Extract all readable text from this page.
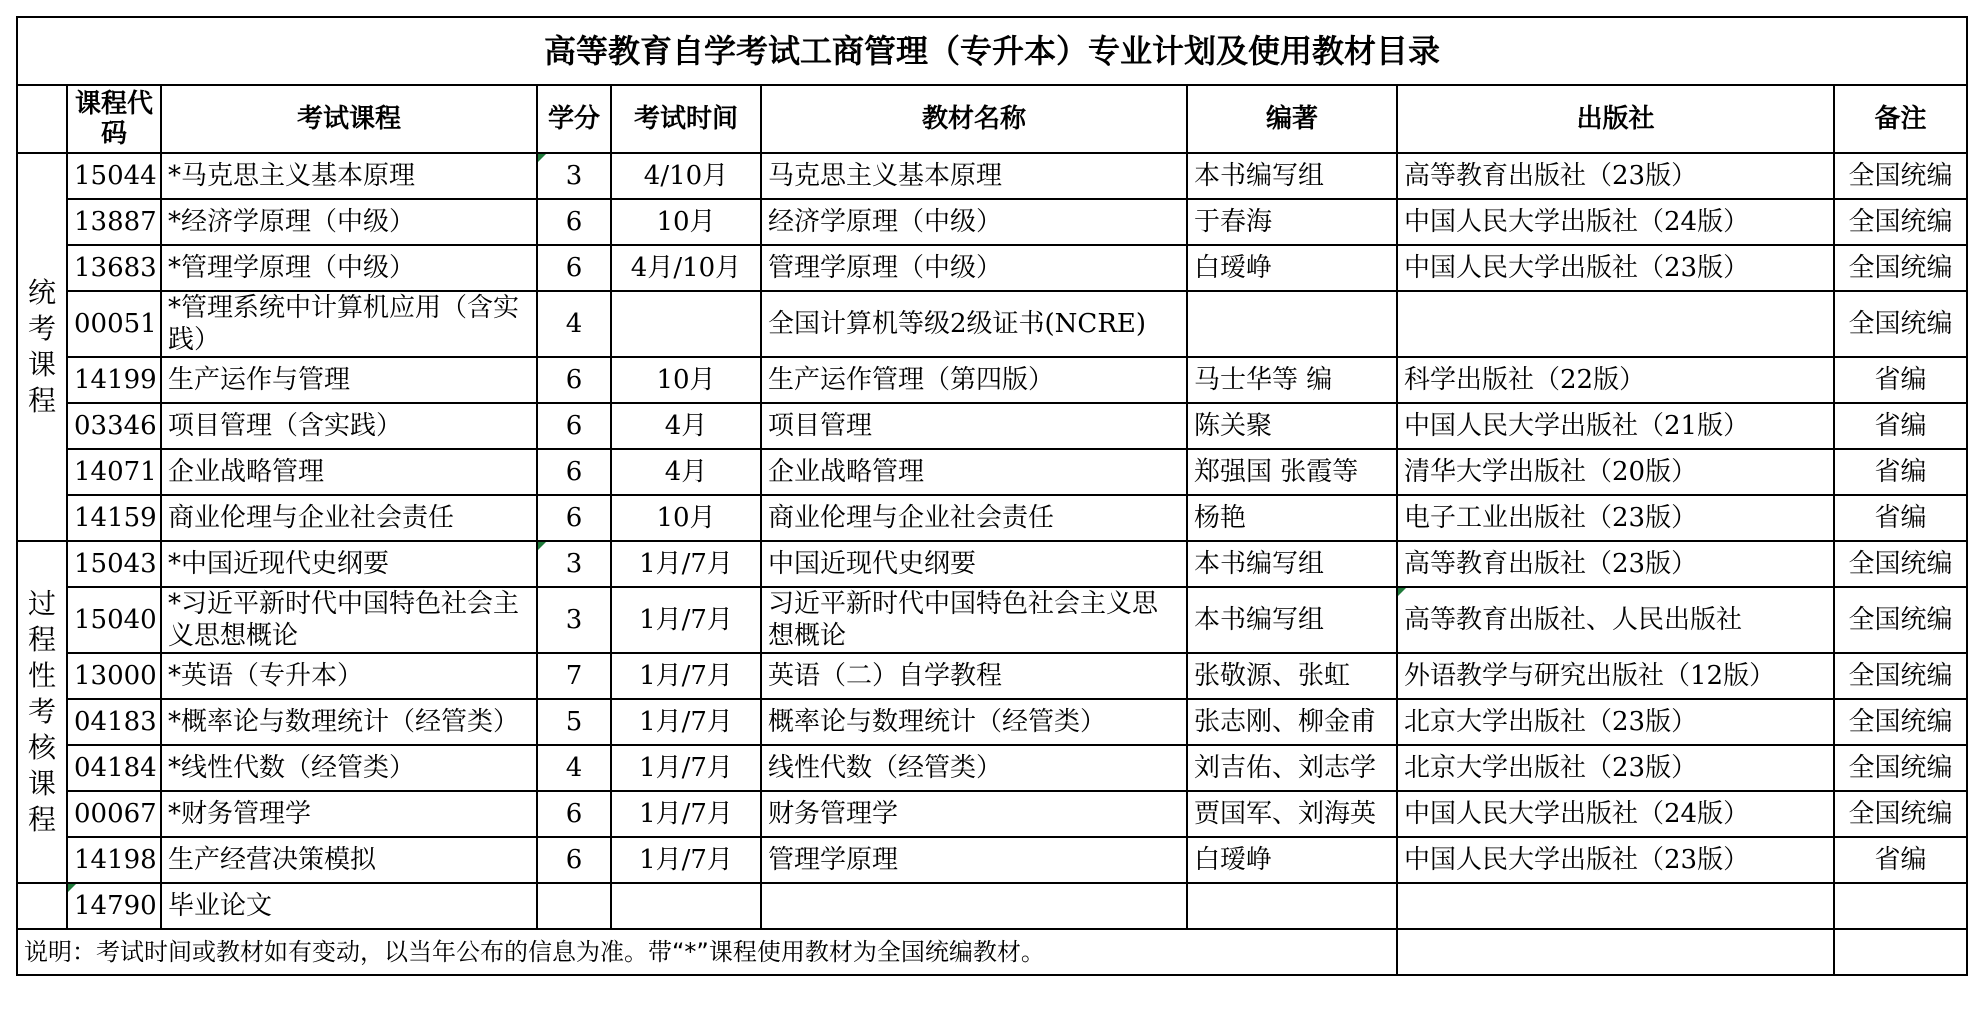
高等教育自学考试工商管理（专升本）专业计划及使用教材目录								
	课程代码	考试课程	学分	考试时间	教材名称	编著	出版社	备注
统考课程	15044	*马克思主义基本原理	3	4/10月	马克思主义基本原理	本书编写组	高等教育出版社（23版）	全国统编
	13887	*经济学原理（中级）	6	10月	经济学原理（中级）	于春海	中国人民大学出版社（24版）	全国统编
	13683	*管理学原理（中级）	6	4月/10月	管理学原理（中级）	白瑷峥	中国人民大学出版社（23版）	全国统编
	00051	*管理系统中计算机应用（含实践）	4		全国计算机等级2级证书(NCRE)			全国统编
	14199	生产运作与管理	6	10月	生产运作管理（第四版）	马士华等 编	科学出版社（22版）	省编
	03346	项目管理（含实践）	6	4月	项目管理	陈关聚	中国人民大学出版社（21版）	省编
	14071	企业战略管理	6	4月	企业战略管理	郑强国 张霞等	清华大学出版社（20版）	省编
	14159	商业伦理与企业社会责任	6	10月	商业伦理与企业社会责任	杨艳	电子工业出版社（23版）	省编
过程性考核课程	15043	*中国近现代史纲要	3	1月/7月	中国近现代史纲要	本书编写组	高等教育出版社（23版）	全国统编
	15040	*习近平新时代中国特色社会主义思想概论	3	1月/7月	习近平新时代中国特色社会主义思想概论	本书编写组	高等教育出版社、人民出版社	全国统编
	13000	*英语（专升本）	7	1月/7月	英语（二）自学教程	张敬源、张虹	外语教学与研究出版社（12版）	全国统编
	04183	*概率论与数理统计（经管类）	5	1月/7月	概率论与数理统计（经管类）	张志刚、柳金甫	北京大学出版社（23版）	全国统编
	04184	*线性代数（经管类）	4	1月/7月	线性代数（经管类）	刘吉佑、刘志学	北京大学出版社（23版）	全国统编
	00067	*财务管理学	6	1月/7月	财务管理学	贾国军、刘海英	中国人民大学出版社（24版）	全国统编
	14198	生产经营决策模拟	6	1月/7月	管理学原理	白瑷峥	中国人民大学出版社（23版）	省编
	14790	毕业论文						
说明：考试时间或教材如有变动，以当年公布的信息为准。带“*”课程使用教材为全国统编教材。								
